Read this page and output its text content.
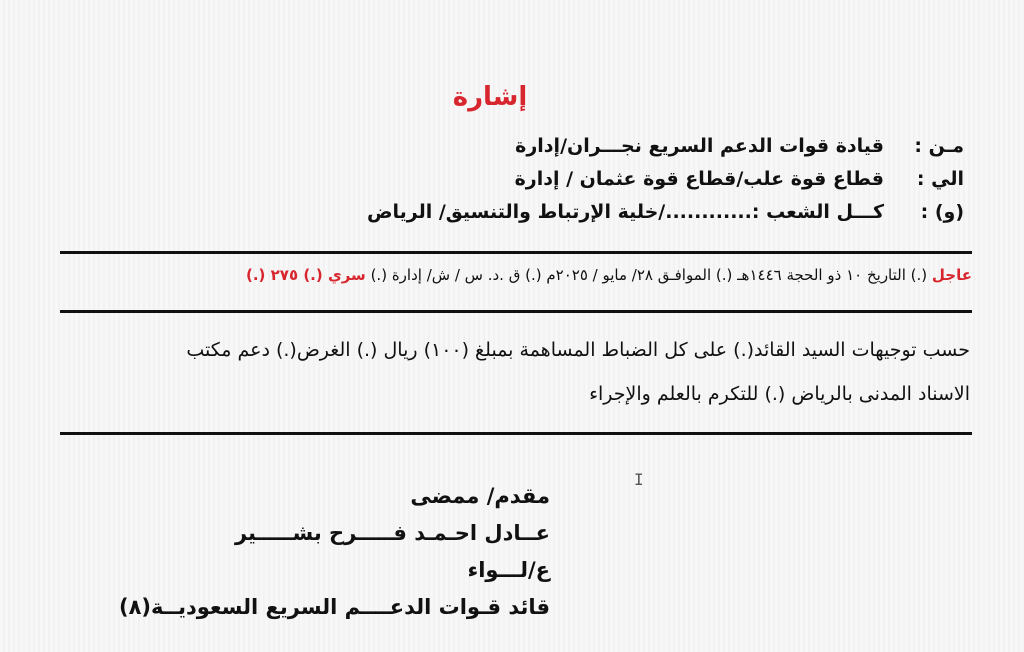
إشارة
مـن :
قيادة قوات الدعم السريع نجـــران/إدارة
الي :
قطاع قوة علب/قطاع قوة عثمان / إدارة
(و) :
كـــل الشعب :............/خلية الإرتباط والتنسيق/ الرياض
عاجل (.) التاريخ ١٠ ذو الحجة ١٤٤٦هـ (.) الموافـق ٢٨/ مايو / ٢٠٢٥م (.) ق .د. س / ش/ إدارة (.) سري (.) ٢٧٥ (.)
حسب توجيهات السيد القائد(.) على كل الضباط المساهمة بمبلغ (١٠٠) ريال (.) الغرض(.) دعم مكتب
الاسناد المدنى بالرياض (.) للتكرم بالعلم والإجراء
I
مقدم/ ممضى
عــادل احـمـد فـــــرح بشـــــير
ع/لـــواء
قائد قـوات الدعــــم السريع السعوديــة(٨)
